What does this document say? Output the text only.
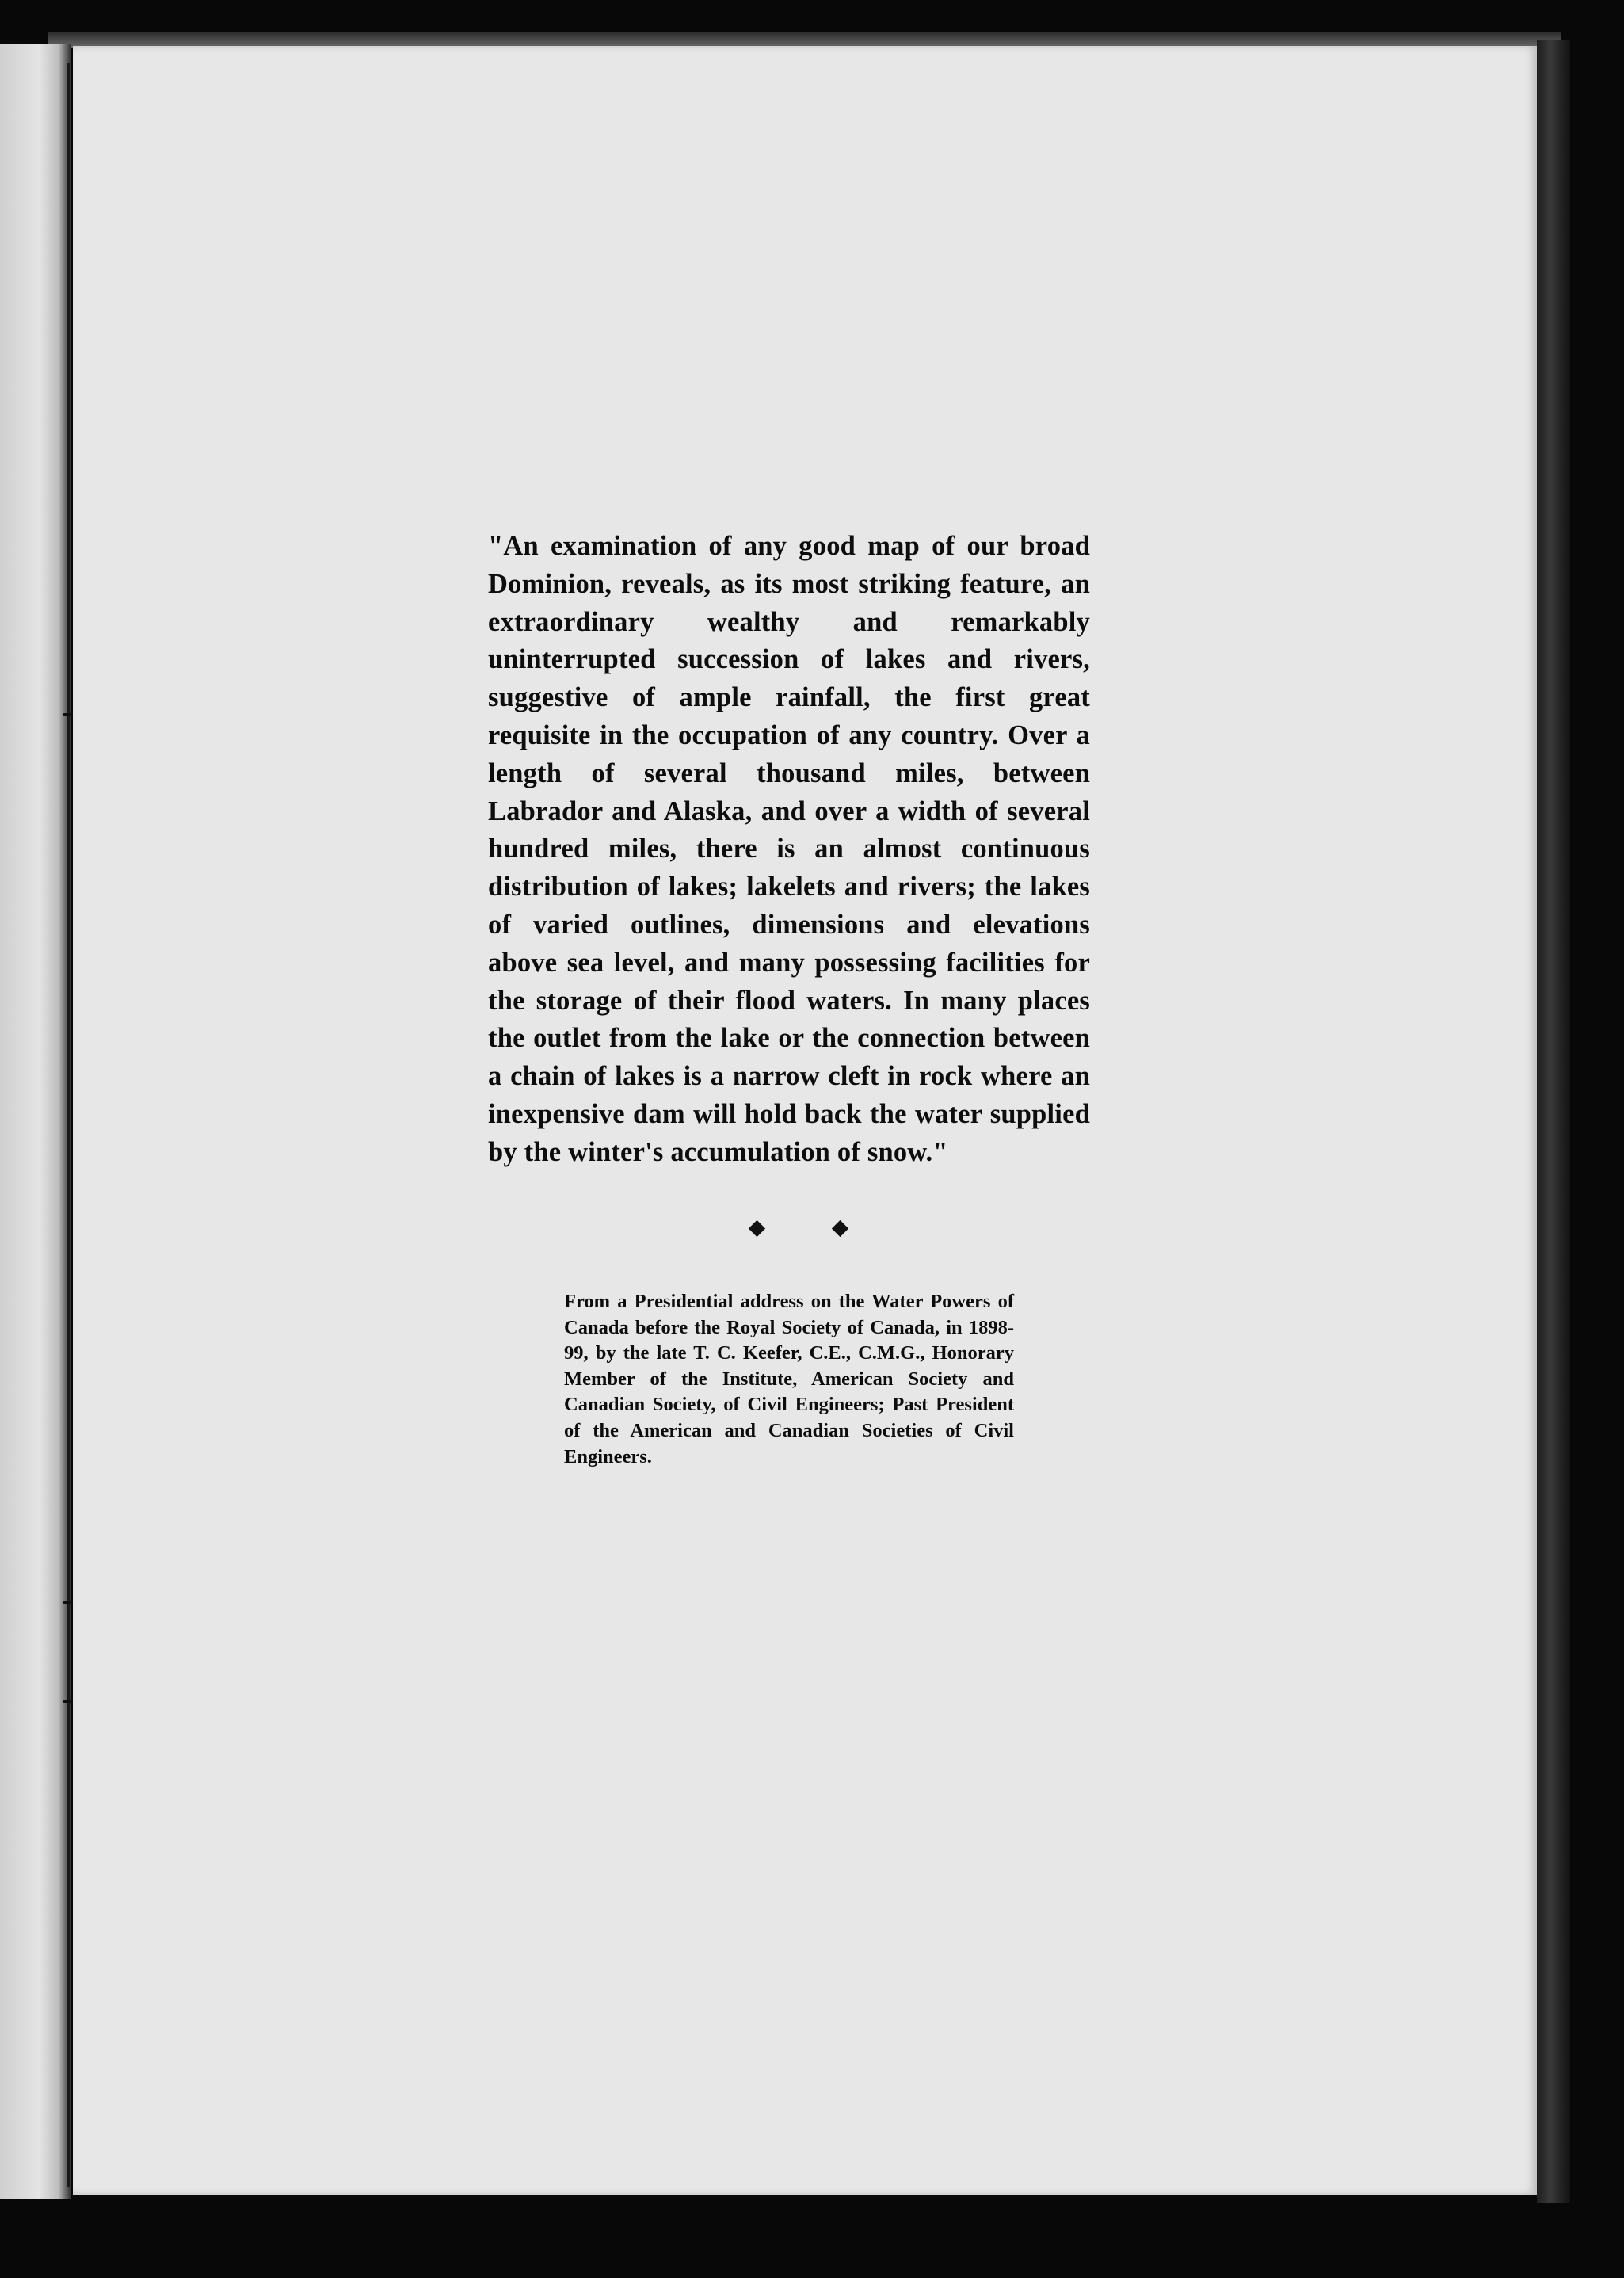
"An examination of any good map of our broad Dominion, reveals, as its most striking feature, an extraordinary wealthy and remarkably uninterrupted succession of lakes and rivers, suggestive of ample rainfall, the first great requisite in the occupation of any country. Over a length of several thousand miles, between Labrador and Alaska, and over a width of several hundred miles, there is an almost continuous distribution of lakes; lakelets and rivers; the lakes of varied outlines, dimensions and elevations above sea level, and many possessing facilities for the storage of their flood waters. In many places the outlet from the lake or the connection between a chain of lakes is a narrow cleft in rock where an inexpensive dam will hold back the water supplied by the winter's accumulation of snow."

From a Presidential address on the Water Powers of Canada before the Royal Society of Canada, in 1898-99, by the late T. C. Keefer, C.E., C.M.G., Honorary Member of the Institute, American Society and Canadian Society, of Civil Engineers; Past President of the American and Canadian Societies of Civil Engineers.
